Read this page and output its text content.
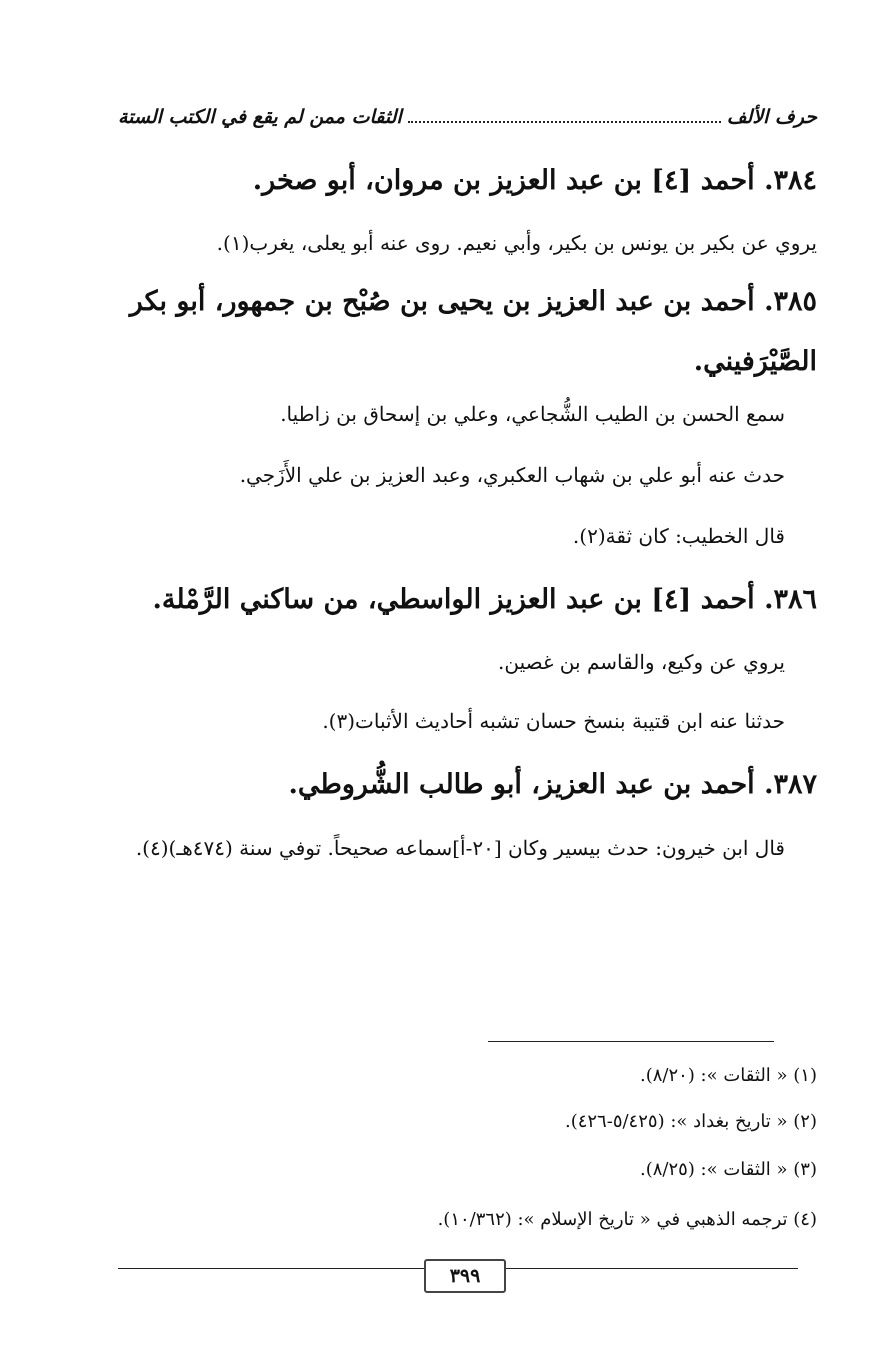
حرف الألف
الثقات ممن لم يقع في الكتب الستة

٣٨٤. أحمد [٤] بن عبد العزيز بن مروان، أبو صخر.

يروي عن بكير بن يونس بن بكير، وأبي نعيم. روى عنه أبو يعلى، يغرب(١).

٣٨٥. أحمد بن عبد العزيز بن يحيى بن صُبْح بن جمهور، أبو بكر الصَّيْرَفيني.

سمع الحسن بن الطيب الشُّجاعي، وعلي بن إسحاق بن زاطيا.

حدث عنه أبو علي بن شهاب العكبري، وعبد العزيز بن علي الأَزَجي.

قال الخطيب: كان ثقة(٢).

٣٨٦. أحمد [٤] بن عبد العزيز الواسطي، من ساكني الرَّمْلة.

يروي عن وكيع، والقاسم بن غصين.

حدثنا عنه ابن قتيبة بنسخ حسان تشبه أحاديث الأثبات(٣).

٣٨٧. أحمد بن عبد العزيز، أبو طالب الشُّروطي.

قال ابن خيرون: حدث بيسير وكان [٢٠-أ]سماعه صحيحاً. توفي سنة (٤٧٤هـ)(٤).

(١) « الثقات »: (٨/٢٠).

(٢) « تاريخ بغداد »: (٥/٤٢٥-٤٢٦).

(٣) « الثقات »: (٨/٢٥).

(٤) ترجمه الذهبي في « تاريخ الإسلام »: (١٠/٣٦٢).

٣٩٩
